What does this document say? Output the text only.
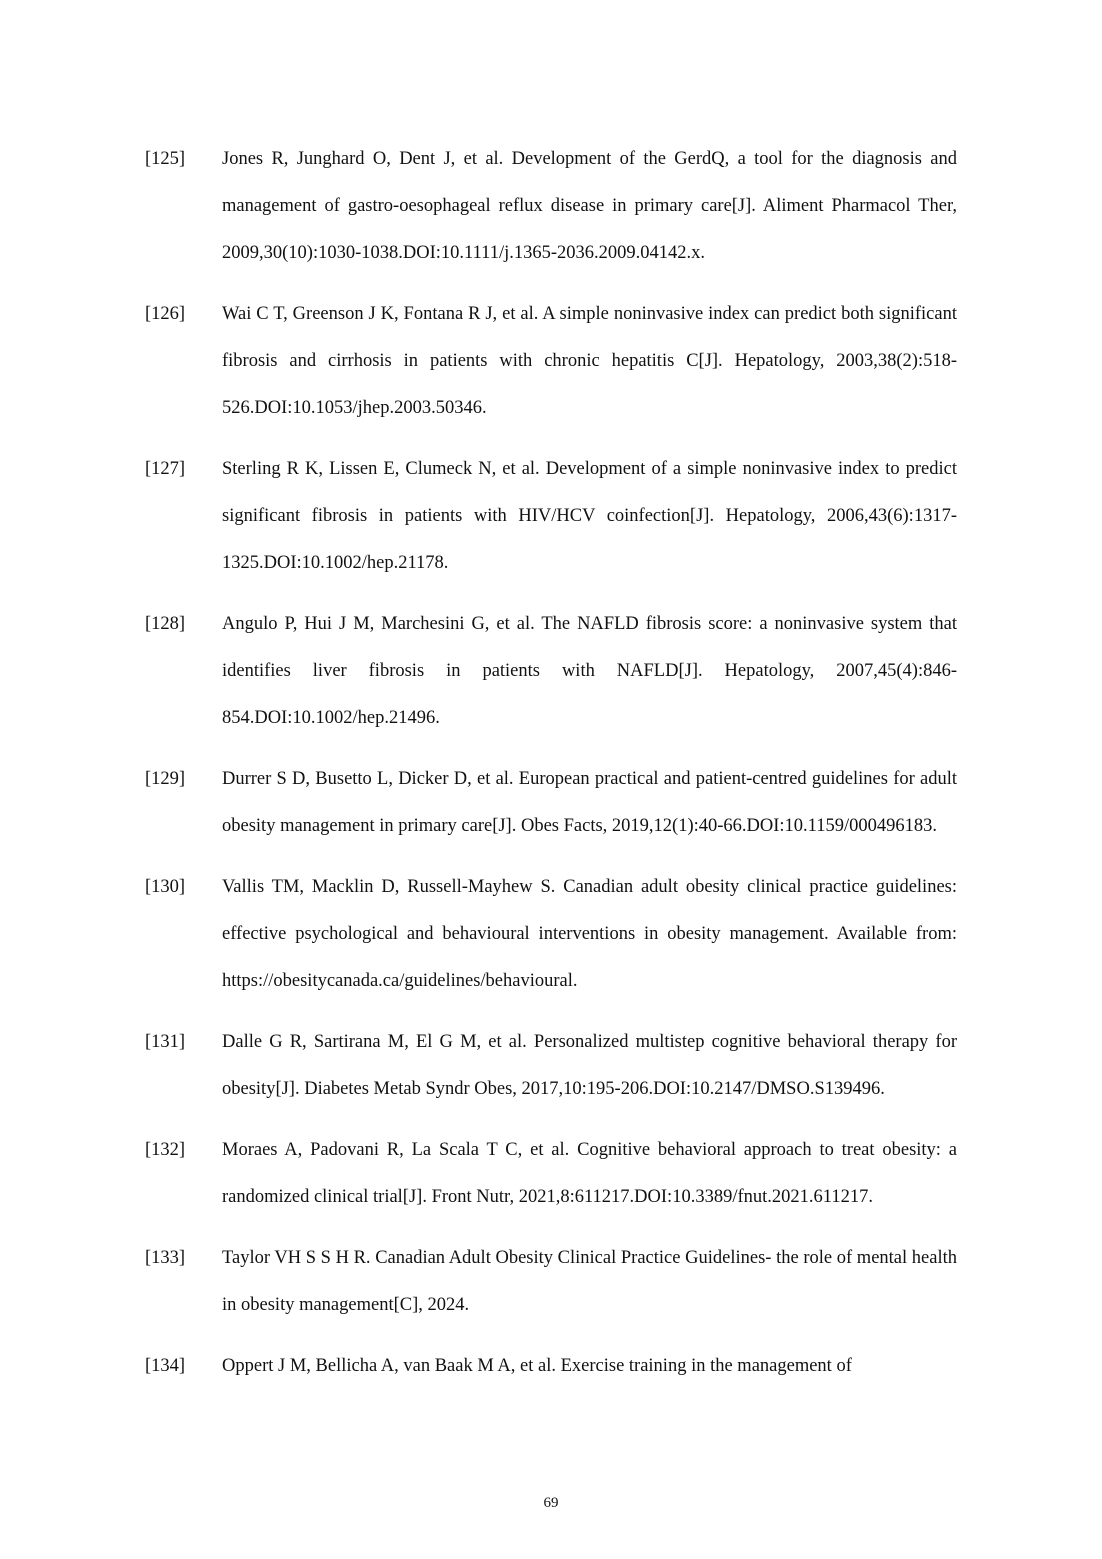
[125]	Jones R, Junghard O, Dent J, et al. Development of the GerdQ, a tool for the diagnosis and management of gastro-oesophageal reflux disease in primary care[J]. Aliment Pharmacol Ther, 2009,30(10):1030-1038.DOI:10.1111/j.1365-2036.2009.04142.x.
[126]	Wai C T, Greenson J K, Fontana R J, et al. A simple noninvasive index can predict both significant fibrosis and cirrhosis in patients with chronic hepatitis C[J]. Hepatology, 2003,38(2):518-526.DOI:10.1053/jhep.2003.50346.
[127]	Sterling R K, Lissen E, Clumeck N, et al. Development of a simple noninvasive index to predict significant fibrosis in patients with HIV/HCV coinfection[J]. Hepatology, 2006,43(6):1317-1325.DOI:10.1002/hep.21178.
[128]	Angulo P, Hui J M, Marchesini G, et al. The NAFLD fibrosis score: a noninvasive system that identifies liver fibrosis in patients with NAFLD[J]. Hepatology, 2007,45(4):846-854.DOI:10.1002/hep.21496.
[129]	Durrer S D, Busetto L, Dicker D, et al. European practical and patient-centred guidelines for adult obesity management in primary care[J]. Obes Facts, 2019,12(1):40-66.DOI:10.1159/000496183.
[130]	Vallis TM, Macklin D, Russell-Mayhew S. Canadian adult obesity clinical practice guidelines: effective psychological and behavioural interventions in obesity management. Available from: https://obesitycanada.ca/guidelines/behavioural.
[131]	Dalle G R, Sartirana M, El G M, et al. Personalized multistep cognitive behavioral therapy for obesity[J]. Diabetes Metab Syndr Obes, 2017,10:195-206.DOI:10.2147/DMSO.S139496.
[132]	Moraes A, Padovani R, La Scala T C, et al. Cognitive behavioral approach to treat obesity: a randomized clinical trial[J]. Front Nutr, 2021,8:611217.DOI:10.3389/fnut.2021.611217.
[133]	Taylor VH S S H R. Canadian Adult Obesity Clinical Practice Guidelines- the role of mental health in obesity management[C], 2024.
[134]	Oppert J M, Bellicha A, van Baak M A, et al. Exercise training in the management of
69
